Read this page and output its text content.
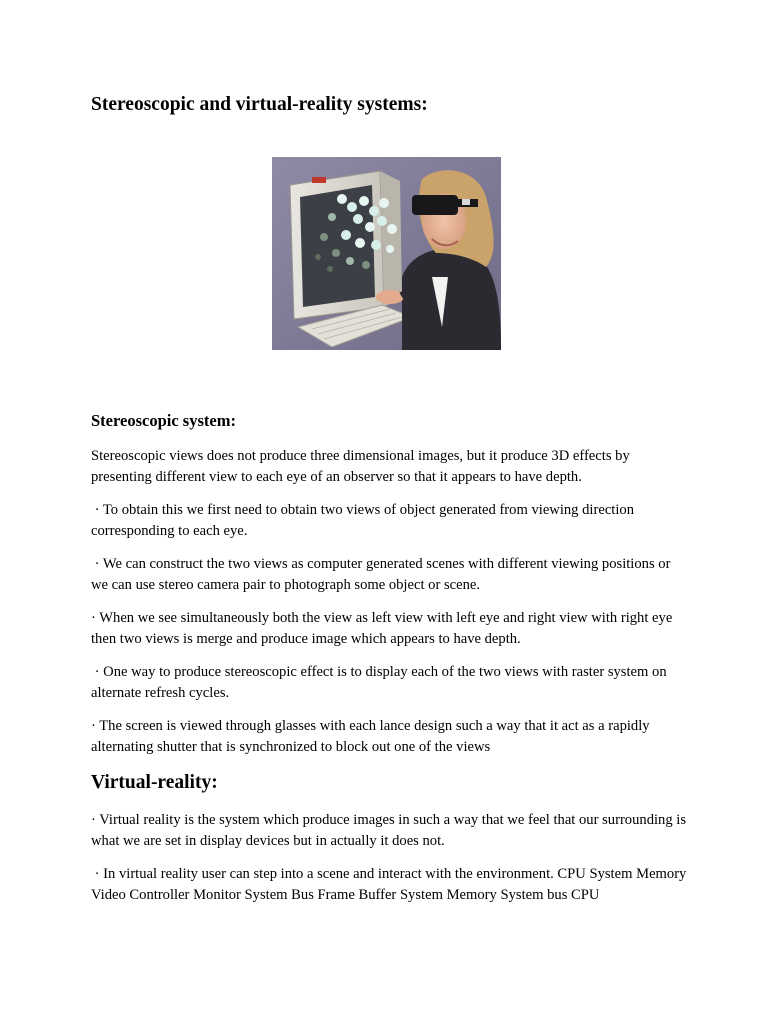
Stereoscopic and virtual-reality systems:
Stereoscopic system:

Stereoscopic views does not produce three dimensional images, but it produce 3D effects by presenting different view to each eye of an observer so that it appears to have depth.

· To obtain this we first need to obtain two views of object generated from viewing direction corresponding to each eye.

· We can construct the two views as computer generated scenes with different viewing positions or we can use stereo camera pair to photograph some object or scene.

· When we see simultaneously both the view as left view with left eye and right view with right eye then two views is merge and produce image which appears to have depth.

· One way to produce stereoscopic effect is to display each of the two views with raster system on alternate refresh cycles.

· The screen is viewed through glasses with each lance design such a way that it act as a rapidly alternating shutter that is synchronized to block out one of the views

Virtual-reality:

· Virtual reality is the system which produce images in such a way that we feel that our surrounding is what we are set in display devices but in actually it does not.

· In virtual reality user can step into a scene and interact with the environment. CPU System Memory Video Controller Monitor System Bus Frame Buffer System Memory System bus CPU
